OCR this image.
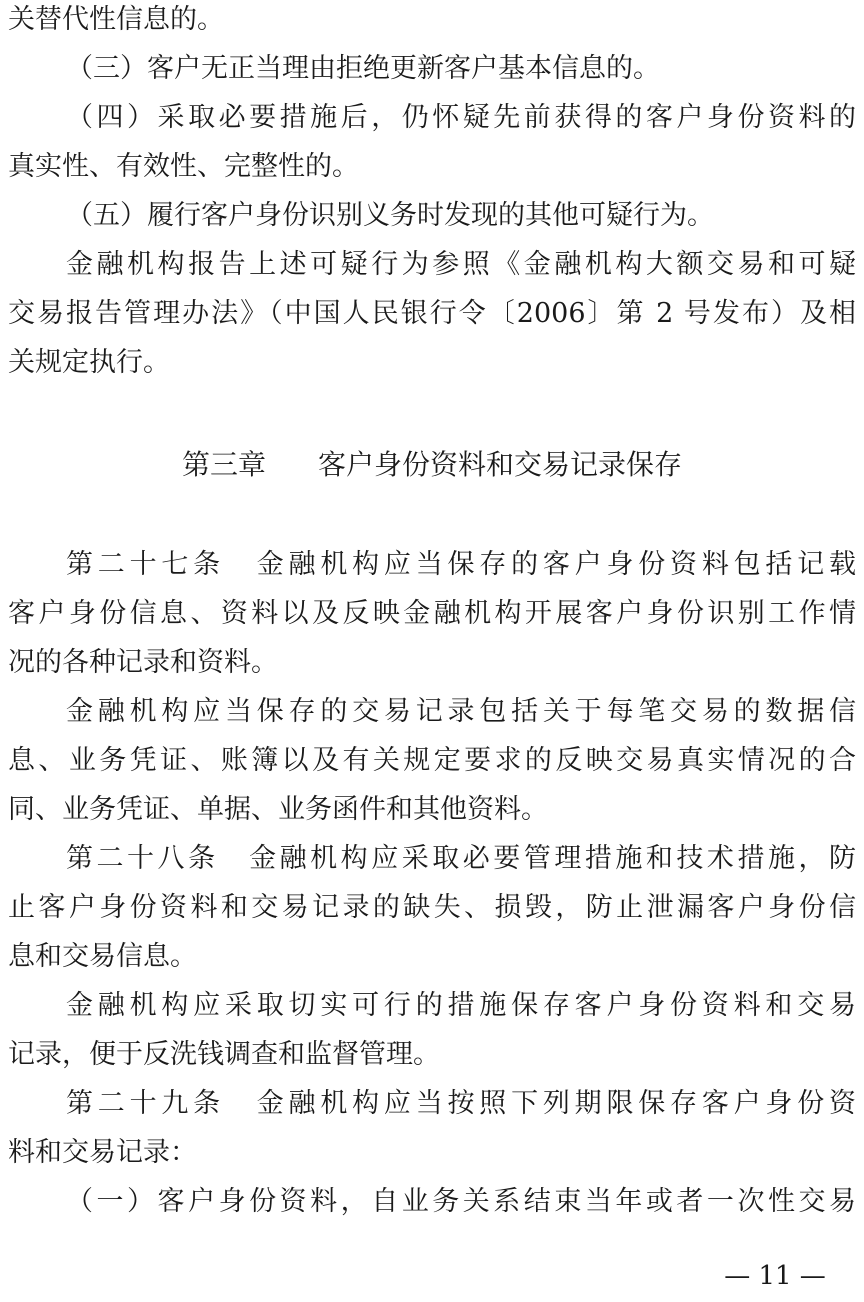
关替代性信息的。
（三）客户无正当理由拒绝更新客户基本信息的。
（四）采取必要措施后，仍怀疑先前获得的客户身份资料的
真实性、有效性、完整性的。
（五）履行客户身份识别义务时发现的其他可疑行为。
金融机构报告上述可疑行为参照《金融机构大额交易和可疑
交易报告管理办法》（中国人民银行令〔2006〕第 2 号发布）及相
关规定执行。
第三章 客户身份资料和交易记录保存
第二十七条　金融机构应当保存的客户身份资料包括记载
客户身份信息、资料以及反映金融机构开展客户身份识别工作情
况的各种记录和资料。
金融机构应当保存的交易记录包括关于每笔交易的数据信
息、业务凭证、账簿以及有关规定要求的反映交易真实情况的合
同、业务凭证、单据、业务函件和其他资料。
第二十八条　金融机构应采取必要管理措施和技术措施，防
止客户身份资料和交易记录的缺失、损毁，防止泄漏客户身份信
息和交易信息。
金融机构应采取切实可行的措施保存客户身份资料和交易
记录，便于反洗钱调查和监督管理。
第二十九条　金融机构应当按照下列期限保存客户身份资
料和交易记录：
（一）客户身份资料，自业务关系结束当年或者一次性交易
— 11 —
